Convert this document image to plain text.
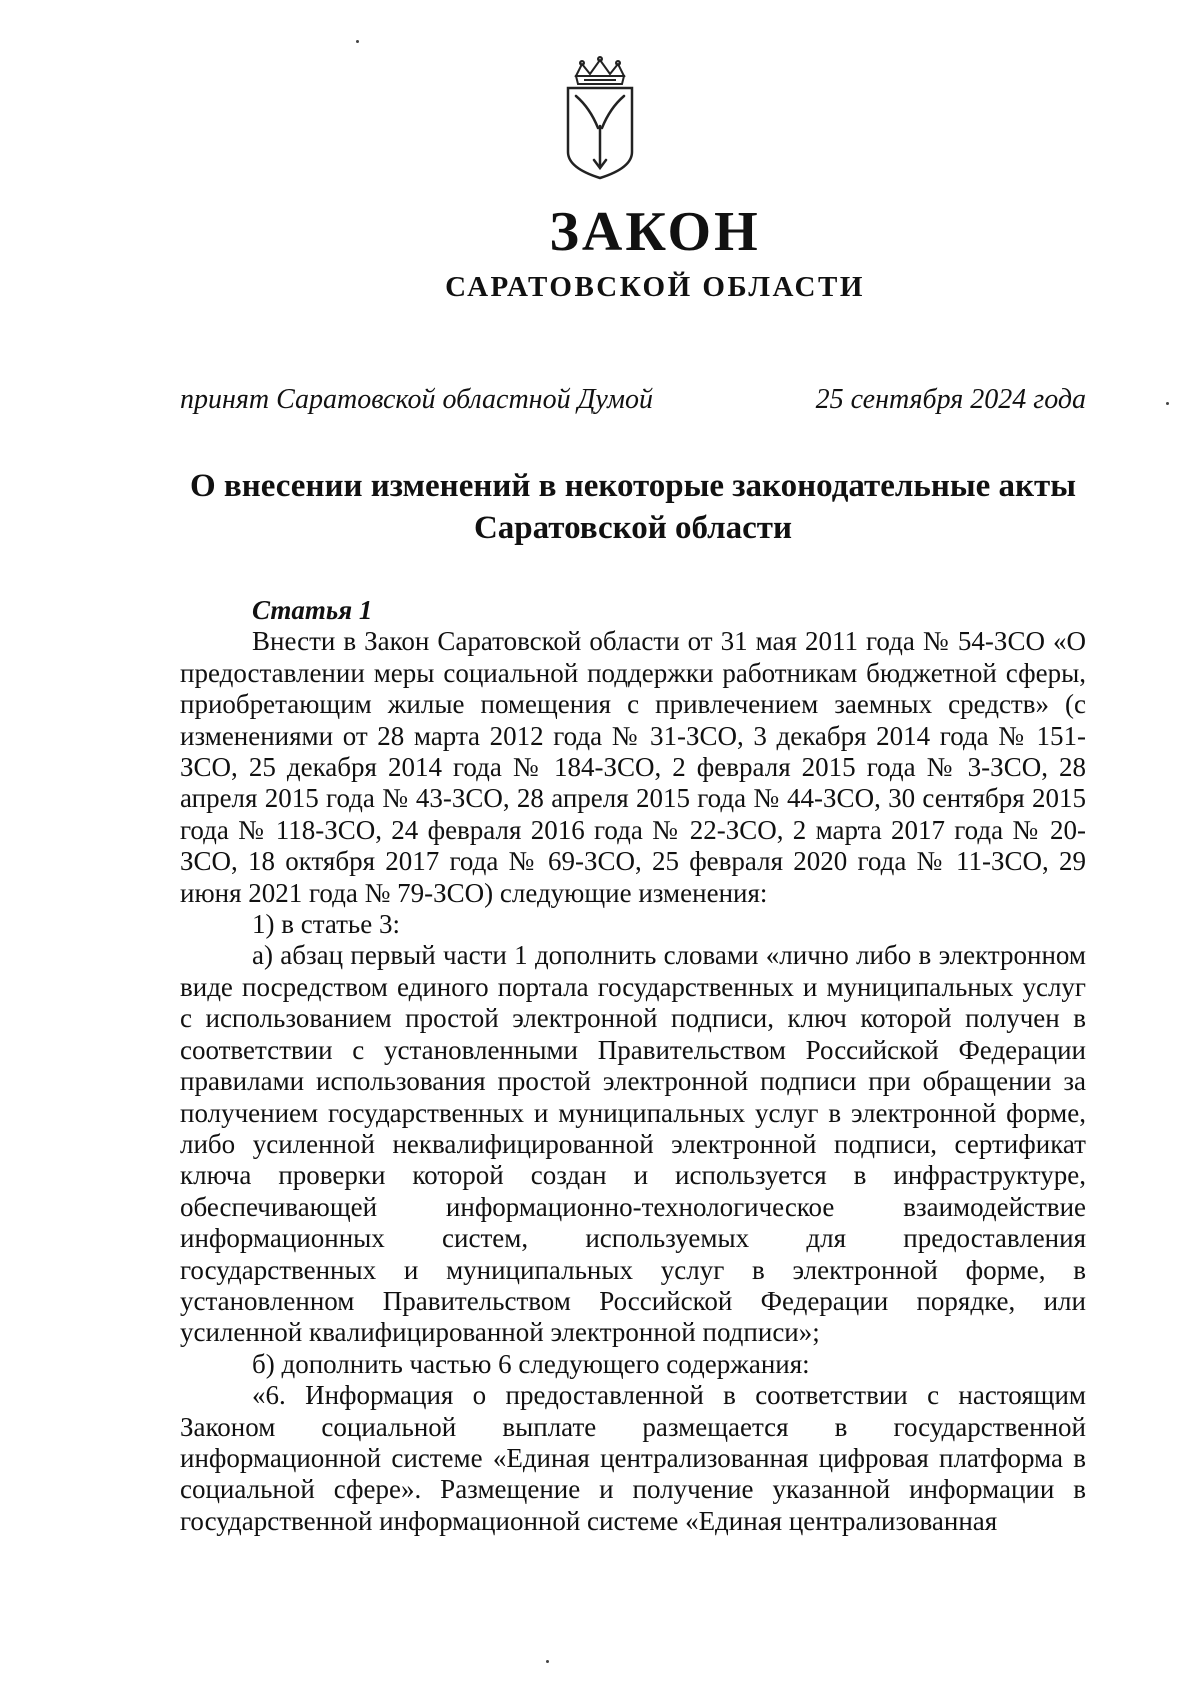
ЗАКОН
САРАТОВСКОЙ ОБЛАСТИ
принят Саратовской областной Думой	25 сентября 2024 года
О внесении изменений в некоторые законодательные акты Саратовской области

Статья 1

Внести в Закон Саратовской области от 31 мая 2011 года № 54-ЗСО «О предоставлении меры социальной поддержки работникам бюджетной сферы, приобретающим жилые помещения с привлечением заемных средств» (с изменениями от 28 марта 2012 года № 31-ЗСО, 3 декабря 2014 года № 151-ЗСО, 25 декабря 2014 года № 184-ЗСО, 2 февраля 2015 года № 3-ЗСО, 28 апреля 2015 года № 43-ЗСО, 28 апреля 2015 года № 44-ЗСО, 30 сентября 2015 года № 118-ЗСО, 24 февраля 2016 года № 22-ЗСО, 2 марта 2017 года № 20-ЗСО, 18 октября 2017 года № 69-ЗСО, 25 февраля 2020 года № 11-ЗСО, 29 июня 2021 года № 79-ЗСО) следующие изменения:

1) в статье 3:

а) абзац первый части 1 дополнить словами «лично либо в электронном виде посредством единого портала государственных и муниципальных услуг с использованием простой электронной подписи, ключ которой получен в соответствии с установленными Правительством Российской Федерации правилами использования простой электронной подписи при обращении за получением государственных и муниципальных услуг в электронной форме, либо усиленной неквалифицированной электронной подписи, сертификат ключа проверки которой создан и используется в инфраструктуре, обеспечивающей информационно-технологическое взаимодействие информационных систем, используемых для предоставления государственных и муниципальных услуг в электронной форме, в установленном Правительством Российской Федерации порядке, или усиленной квалифицированной электронной подписи»;

б) дополнить частью 6 следующего содержания:

«6. Информация о предоставленной в соответствии с настоящим Законом социальной выплате размещается в государственной информационной системе «Единая централизованная цифровая платформа в социальной сфере». Размещение и получение указанной информации в государственной информационной системе «Единая централизованная
